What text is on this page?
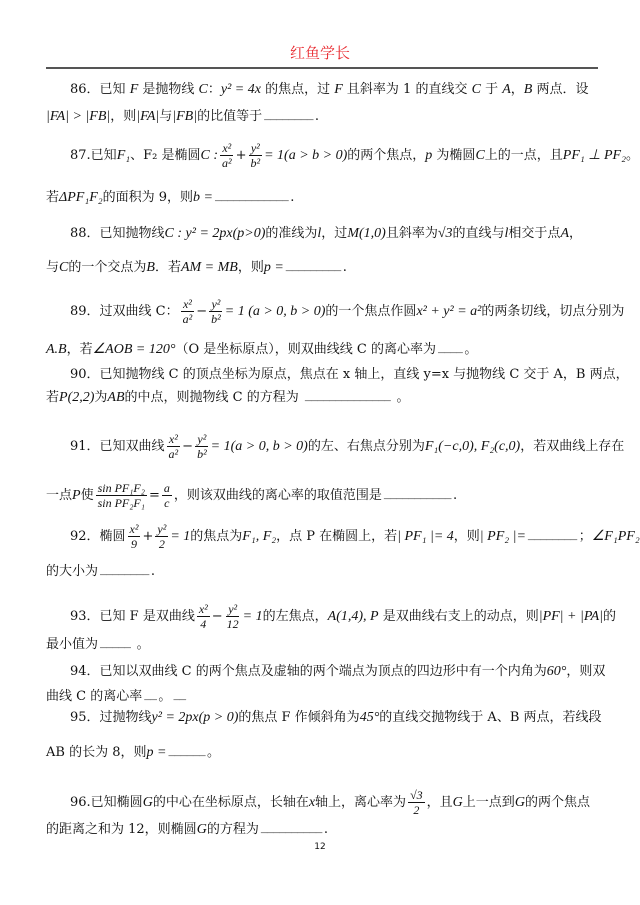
红鱼学长
86．已知 F 是抛物线 C ： y² = 4x 的焦点，过 F 且斜率为 1 的直线交 C 于 A ， B 两点．设
|FA| > |FB| ，则 |FA| 与 |FB| 的比值等于 ________ .
87.已知 F₁ 、F₂ 是椭圆 C : $\frac{\text{x²}}{\text{a²}} + \frac{\text{y²}}{\text{b²}} = 1(a > b > 0)$ 的两个焦点， p 为椭圆 C 上的一点，且 PF₁ ⊥ PF₂ 。
若 ΔPF₁F₂ 的面积为 9，则 b = ____________ .
88．已知抛物线 C : y² = 2px(p>0) 的准线为 l ，过 M(1,0) 且斜率为 √3 的直线与 l 相交于点 A ，
与 C 的一个交点为 B ．若 AM = MB ，则 p = _________ .
89．过双曲线 C： $\frac{\text{x²}}{\text{a²}} - \frac{\text{y²}}{\text{b²}} = 1$ (a > 0, b > 0) 的一个焦点作圆 x² + y² = a² 的两条切线，切点分别为
A.B ，若 ∠AOB = 120° （O 是坐标原点），则双曲线线 C 的离心率为 ____ 。
90．已知抛物线 C 的顶点坐标为原点，焦点在 x 轴上，直线 y=x 与抛物线 C 交于 A，B 两点，
若 P(2,2) 为 AB 的中点，则抛物线 C 的方程为 ______________ 。
91．已知双曲线 $\frac{\text{x²}}{\text{a²}} - \frac{\text{y²}}{\text{b²}} = 1(a > 0$, b > 0) 的左、右焦点分别为 F₁(−c,0), F₂(c,0) ，若双曲线上存在
一点 P 使 $\frac{\text{sin PF₁F₂}}{\text{sin PF₂F₁}} = \frac{a}{c}$ ，则该双曲线的离心率的取值范围是 ___________ .
92．椭圆 $\frac{\text{x²}}{9} + \frac{\text{y²}}{2} = 1$ 的焦点为 F₁, F₂ ，点 P 在椭圆上，若 | PF₁ |= 4 ，则 | PF₂ |= ________ ； ∠F₁PF₂
的大小为 ________ .
93．已知 F 是双曲线 $\frac{\text{x²}}{4} - \frac{\text{y²}}{12} = 1$ 的左焦点， A(1,4), P 是双曲线右支上的动点，则 |PF| + |PA| 的
最小值为 _____ 。
94．已知以双曲线 C 的两个焦点及虚轴的两个端点为顶点的四边形中有一个内角为 60° ，则双
曲线 C 的离心率 __ 。 __
95．过抛物线 y² = 2px(p > 0) 的焦点 F 作倾斜角为 45° 的直线交抛物线于 A、B 两点，若线段
AB 的长为 8，则 p = ______ 。
96.已知椭圆 G 的中心在坐标原点，长轴在 x 轴上，离心率为 $\frac{√3}{2}$ ，且 G 上一点到 G 的两个焦点
的距离之和为 12，则椭圆 G 的方程为 __________ .
12
